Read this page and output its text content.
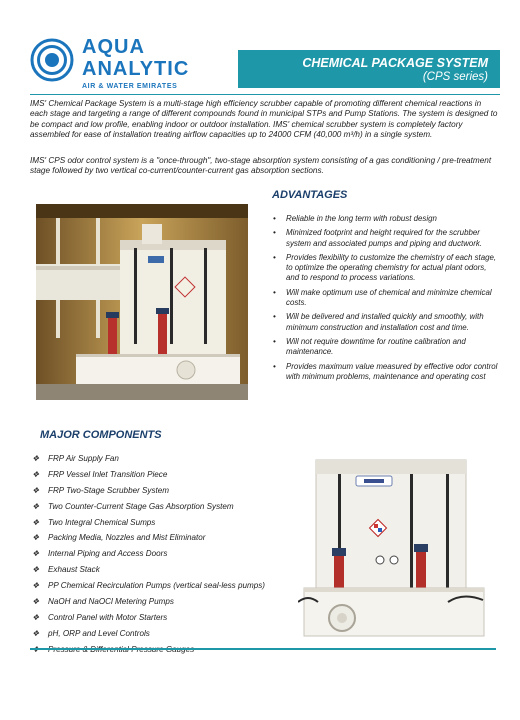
AQUA
ANALYTIC
AIR & WATER EMIRATES
CHEMICAL PACKAGE SYSTEM
(CPS series)
IMS' Chemical Package System is a multi-stage high efficiency scrubber capable of promoting different chemical reactions in each stage and targeting a range of different compounds found in municipal STPs and Pump Stations. The system is designed to be compact and low profile, enabling indoor or outdoor installation. IMS' chemical scrubber system is completely factory assembled for ease of installation treating airflow capacities up to 24000 CFM (40,000 m³/h) in a single system.
IMS' CPS odor control system is a "once-through", two-stage absorption system consisting of a gas conditioning / pre-treatment stage followed by two vertical co-current/counter-current gas absorption sections.
ADVANTAGES
• Reliable in the long term with robust design
• Minimized footprint and height required for the scrubber system and associated pumps and piping and ductwork.
• Provides flexibility to customize the chemistry of each stage, to optimize the operating chemistry for actual plant odors, and to respond to process variations.
• Will make optimum use of chemical and minimize chemical costs.
• Will be delivered and installed quickly and smoothly, with minimum construction and installation cost and time.
• Will not require downtime for routine calibration and maintenance.
• Provides maximum value measured by effective odor control with minimum problems, maintenance and operating cost
MAJOR COMPONENTS
❖ FRP Air Supply Fan
❖ FRP Vessel Inlet Transition Piece
❖ FRP Two-Stage Scrubber System
❖ Two Counter-Current Stage Gas Absorption System
❖ Two Integral Chemical Sumps
❖ Packing Media, Nozzles and Mist Eliminator
❖ Internal Piping and Access Doors
❖ Exhaust Stack
❖ PP Chemical Recirculation Pumps (vertical seal-less pumps)
❖ NaOH and NaOCl Metering Pumps
❖ Control Panel with Motor Starters
❖ pH, ORP and Level Controls
